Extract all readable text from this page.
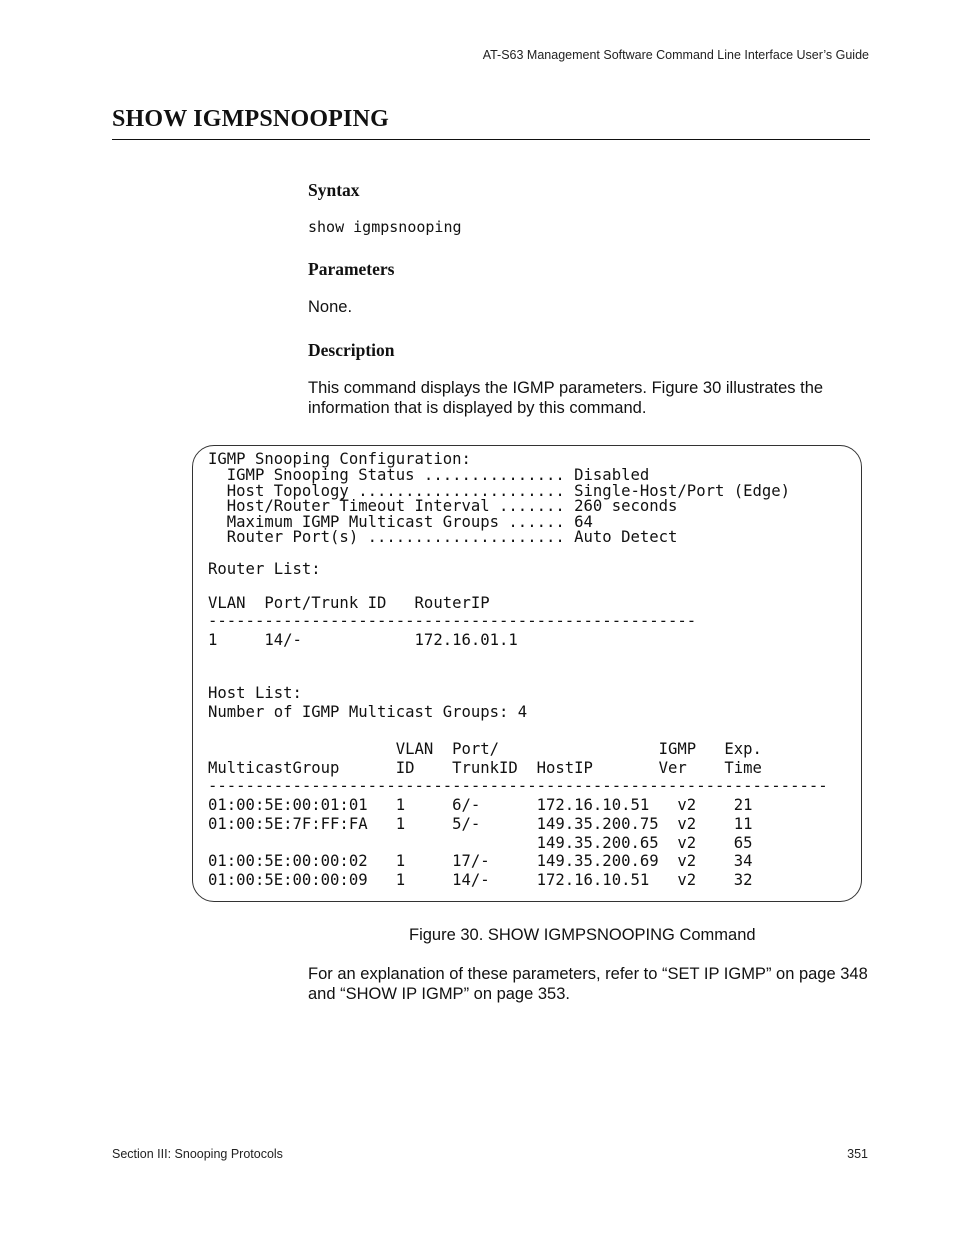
AT-S63 Management Software Command Line Interface User’s Guide
SHOW IGMPSNOOPING
Syntax
show igmpsnooping
Parameters

None.

Description

This command displays the IGMP parameters. Figure 30 illustrates the information that is displayed by this command.

IGMP Snooping Configuration:
IGMP Snooping Status ............... Disabled
Host Topology ...................... Single-Host/Port (Edge)
Host/Router Timeout Interval ....... 260 seconds
Maximum IGMP Multicast Groups ...... 64
Router Port(s) ..................... Auto Detect
Router List:
VLAN  Port/Trunk ID   RouterIP
----------------------------------------------------
1     14/-            172.16.01.1
Host List:
Number of IGMP Multicast Groups: 4
VLAN  Port/                 IGMP   Exp.
MulticastGroup      ID    TrunkID  HostIP       Ver    Time
------------------------------------------------------------------
01:00:5E:00:01:01   1     6/-      172.16.10.51   v2    21
01:00:5E:7F:FF:FA   1     5/-      149.35.200.75  v2    11
149.35.200.65  v2    65
01:00:5E:00:00:02   1     17/-     149.35.200.69  v2    34
01:00:5E:00:00:09   1     14/-     172.16.10.51   v2    32
Figure 30. SHOW IGMPSNOOPING Command

For an explanation of these parameters, refer to “SET IP IGMP” on page 348 and “SHOW IP IGMP” on page 353.

Section III: Snooping Protocols	351
